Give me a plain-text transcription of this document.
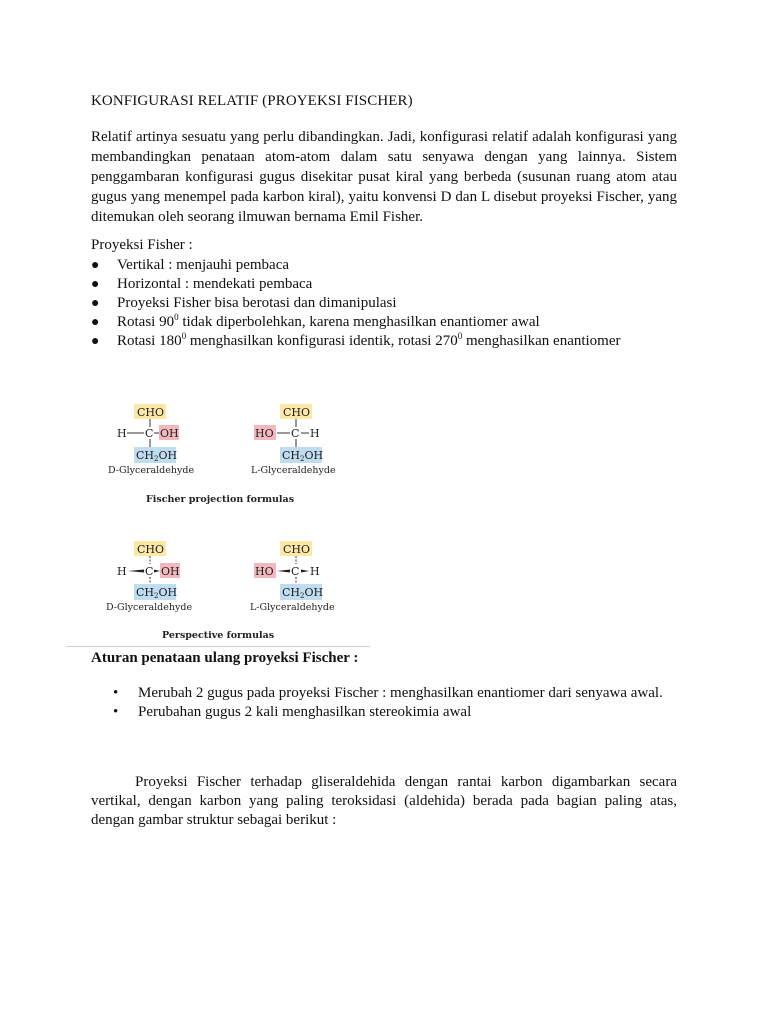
KONFIGURASI RELATIF (PROYEKSI FISCHER)

Relatif artinya sesuatu yang perlu dibandingkan. Jadi, konfigurasi relatif adalah konfigurasi yang membandingkan penataan atom-atom dalam satu senyawa dengan yang lainnya. Sistem penggambaran konfigurasi gugus disekitar pusat kiral yang berbeda (susunan ruang atom atau gugus yang menempel pada karbon kiral), yaitu konvensi D dan L disebut proyeksi Fischer, yang ditemukan oleh seorang ilmuwan bernama Emil Fisher.

Proyeksi Fisher :
● Vertikal : menjauhi pembaca
● Horizontal : mendekati pembaca
● Proyeksi Fisher bisa berotasi dan dimanipulasi
● Rotasi $90^0$ tidak diperbolehkan, karena menghasilkan enantiomer awal
● Rotasi $180^0$ menghasilkan konfigurasi identik, rotasi $270^0$ menghasilkan enantiomer
CHO
H C OH
CH2OH
D-Glyceraldehyde
CHO
HO C H
CH2OH
L-Glyceraldehyde
Fischer projection formulas
CHO
H C OH
CH2OH
D-Glyceraldehyde
CHO
HO C H
CH2OH
L-Glyceraldehyde
Perspective formulas
Aturan penataan ulang proyeksi Fischer :
• Merubah 2 gugus pada proyeksi Fischer : menghasilkan enantiomer dari senyawa awal.
• Perubahan gugus 2 kali menghasilkan stereokimia awal

Proyeksi Fischer terhadap gliseraldehida dengan rantai karbon digambarkan secara vertikal, dengan karbon yang paling teroksidasi (aldehida) berada pada bagian paling atas, dengan gambar struktur sebagai berikut :
